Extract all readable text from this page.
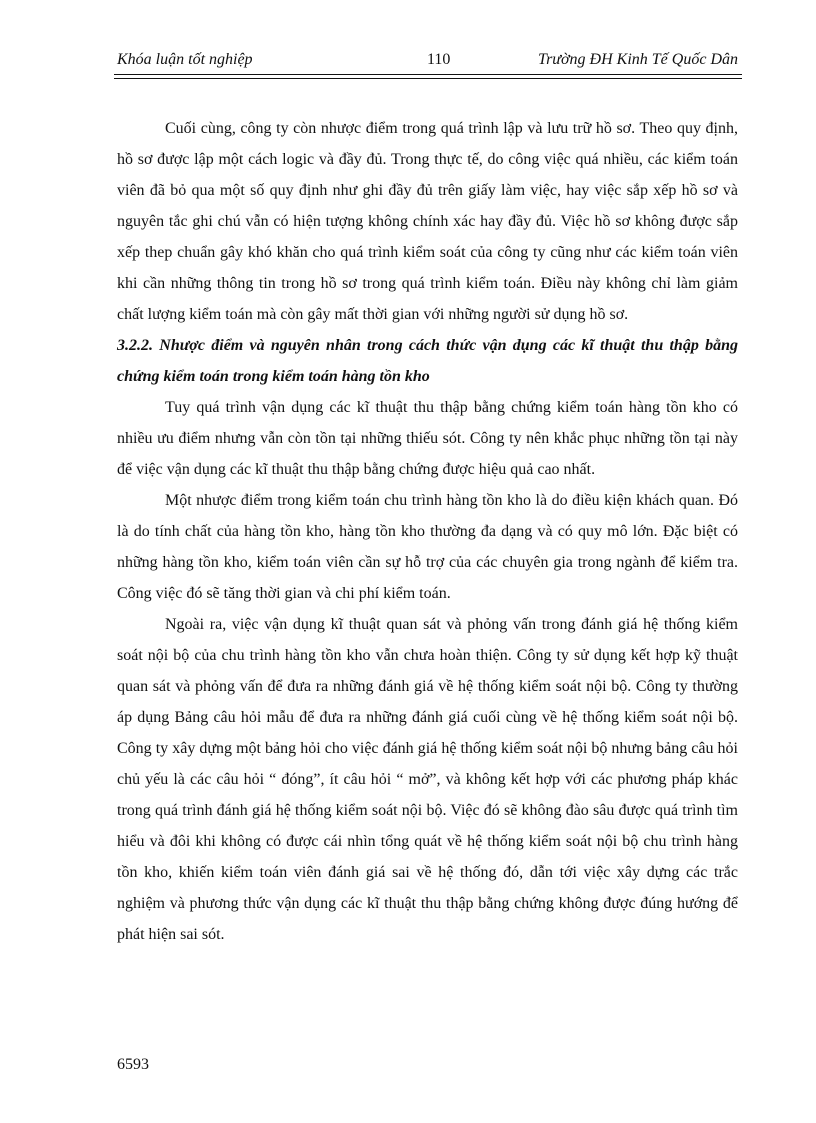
Khóa luận tốt nghiệp	110	Trường ĐH Kinh Tế Quốc Dân

Cuối cùng, công ty còn nhược điểm trong quá trình lập và lưu trữ hồ sơ. Theo quy định, hồ sơ được lập một cách logic và đầy đủ. Trong thực tế, do công việc quá nhiều, các kiểm toán viên đã bỏ qua một số quy định như ghi đầy đủ trên giấy làm việc, hay việc sắp xếp hồ sơ và nguyên tắc ghi chú vẫn có hiện tượng không chính xác hay đầy đủ. Việc hồ sơ không được sắp xếp thep chuẩn gây khó khăn cho quá trình kiểm soát của công ty cũng như các kiểm toán viên khi cần những thông tin trong hồ sơ trong quá trình kiểm toán. Điều này không chỉ làm giảm chất lượng kiểm toán mà còn gây mất thời gian với những người sử dụng hồ sơ.

3.2.2. Nhược điểm và nguyên nhân trong cách thức vận dụng các kĩ thuật thu thập bằng chứng kiểm toán trong kiểm toán hàng tồn kho

Tuy quá trình vận dụng các kĩ thuật thu thập bằng chứng kiểm toán hàng tồn kho có nhiều ưu điểm nhưng vẫn còn tồn tại những thiếu sót. Công ty nên khắc phục những tồn tại này để việc vận dụng các kĩ thuật thu thập bằng chứng được hiệu quả cao nhất.

Một nhược điểm trong kiểm toán chu trình hàng tồn kho là do điều kiện khách quan. Đó là do tính chất của hàng tồn kho, hàng tồn kho thường đa dạng và có quy mô lớn. Đặc biệt có những hàng tồn kho, kiểm toán viên cần sự hỗ trợ của các chuyên gia trong ngành để kiểm tra. Công việc đó sẽ tăng thời gian và chi phí kiểm toán.

Ngoài ra, việc vận dụng kĩ thuật quan sát và phỏng vấn trong đánh giá hệ thống kiểm soát nội bộ của chu trình hàng tồn kho vẫn chưa hoàn thiện. Công ty sử dụng kết hợp kỹ thuật quan sát và phỏng vấn để đưa ra những đánh giá về hệ thống kiểm soát nội bộ. Công ty thường áp dụng Bảng câu hỏi mẫu để đưa ra những đánh giá cuối cùng về hệ thống kiểm soát nội bộ. Công ty xây dựng một bảng hỏi cho việc đánh giá hệ thống kiểm soát nội bộ nhưng bảng câu hỏi chủ yếu là các câu hỏi “ đóng”, ít câu hỏi “ mở”, và không kết hợp với các phương pháp khác trong quá trình đánh giá hệ thống kiểm soát nội bộ. Việc đó sẽ không đào sâu được quá trình tìm hiểu và đôi khi không có được cái nhìn tổng quát về hệ thống kiểm soát nội bộ chu trình hàng tồn kho, khiến kiểm toán viên đánh giá sai về hệ thống đó, dẫn tới việc xây dựng các trắc nghiệm và phương thức vận dụng các kĩ thuật thu thập bằng chứng không được đúng hướng để phát hiện sai sót.

6593
